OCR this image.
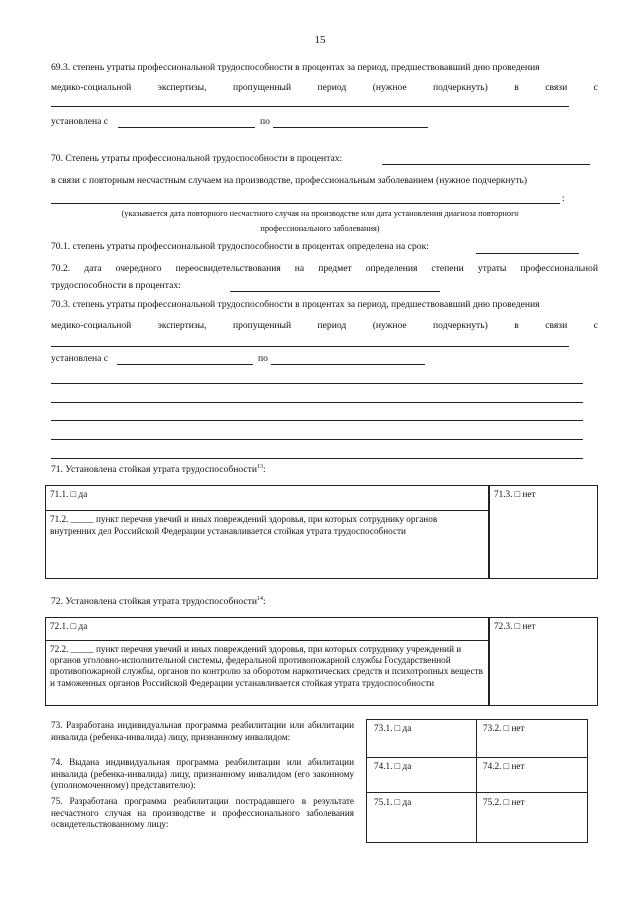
15
69.3. степень утраты профессиональной трудоспособности в процентах за период, предшествовавший дню проведения
медико-социальной	экспертизы,	пропущенный	период	(нужное	подчеркнуть)	в	связи	с
установлена с	по
70. Степень утраты профессиональной трудоспособности в процентах:
в связи с повторным несчастным случаем на производстве, профессиональным заболеванием (нужное подчеркнуть)
:
(указывается дата повторного несчастного случая на производстве или дата установления диагноза повторного
профессионального заболевания)
70.1. степень утраты профессиональной трудоспособности в процентах определена на срок:
70.2. дата очередного переосвидетельствования на предмет определения степени утраты профессиональной
трудоспособности в процентах:
70.3. степень утраты профессиональной трудоспособности в процентах за период, предшествовавший дню проведения
медико-социальной	экспертизы,	пропущенный	период	(нужное	подчеркнуть)	в	связи	с
установлена с	по
71. Установлена стойкая утрата трудоспособности$^{13}$:
71.1. □ да	71.3. □ нет
71.2. _____ пункт перечня увечий и иных повреждений здоровья, при которых сотруднику органов внутренних дел Российской Федерации устанавливается стойкая утрата трудоспособности
72. Установлена стойкая утрата трудоспособности$^{14}$:
72.1. □ да	72.3. □ нет
72.2. _____ пункт перечня увечий и иных повреждений здоровья, при которых сотруднику учреждений и органов уголовно-исполнительной системы, федеральной противопожарной службы Государственной противопожарной службы, органов по контролю за оборотом наркотических средств и психотропных веществ и таможенных органов Российской Федерации устанавливается стойкая утрата трудоспособности
73. Разработана индивидуальная программа реабилитации или абилитации инвалида (ребенка-инвалида) лицу, признанному инвалидом:
74. Выдана индивидуальная программа реабилитации или абилитации инвалида (ребенка-инвалида) лицу, признанному инвалидом (его законному (уполномоченному) представителю):
75. Разработана программа реабилитации пострадавшего в результате несчастного случая на производстве и профессионального заболевания освидетельствованному лицу:
73.1. □ да	73.2. □ нет
74.1. □ да	74.2. □ нет
75.1. □ да	75.2. □ нет
